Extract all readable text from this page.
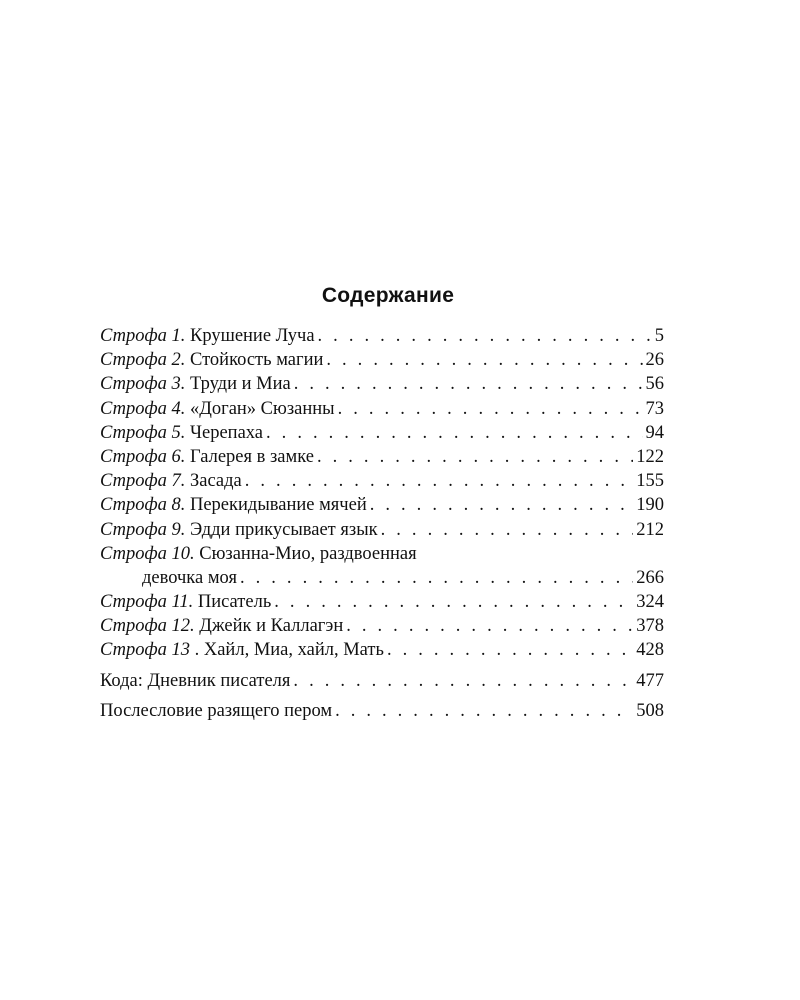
Содержание
Строфа 1. Крушение Луча . . .	5
Строфа 2. Стойкость магии . . .	26
Строфа 3. Труди и Миа . . .	56
Строфа 4. «Доган» Сюзанны . . .	73
Строфа 5. Черепаха . . .	94
Строфа 6. Галерея в замке . . .	122
Строфа 7. Засада . . .	155
Строфа 8. Перекидывание мячей . . .	190
Строфа 9. Эдди прикусывает язык . . .	212
Строфа 10. Сюзанна-Мио, раздвоенная
девочка моя . . .	266
Строфа 11. Писатель . . .	324
Строфа 12. Джейк и Каллагэн . . .	378
Строфа 13 . Хайл, Миа, хайл, Мать . . .	428
Кода: Дневник писателя . . .	477
Послесловие разящего пером . . .	508
